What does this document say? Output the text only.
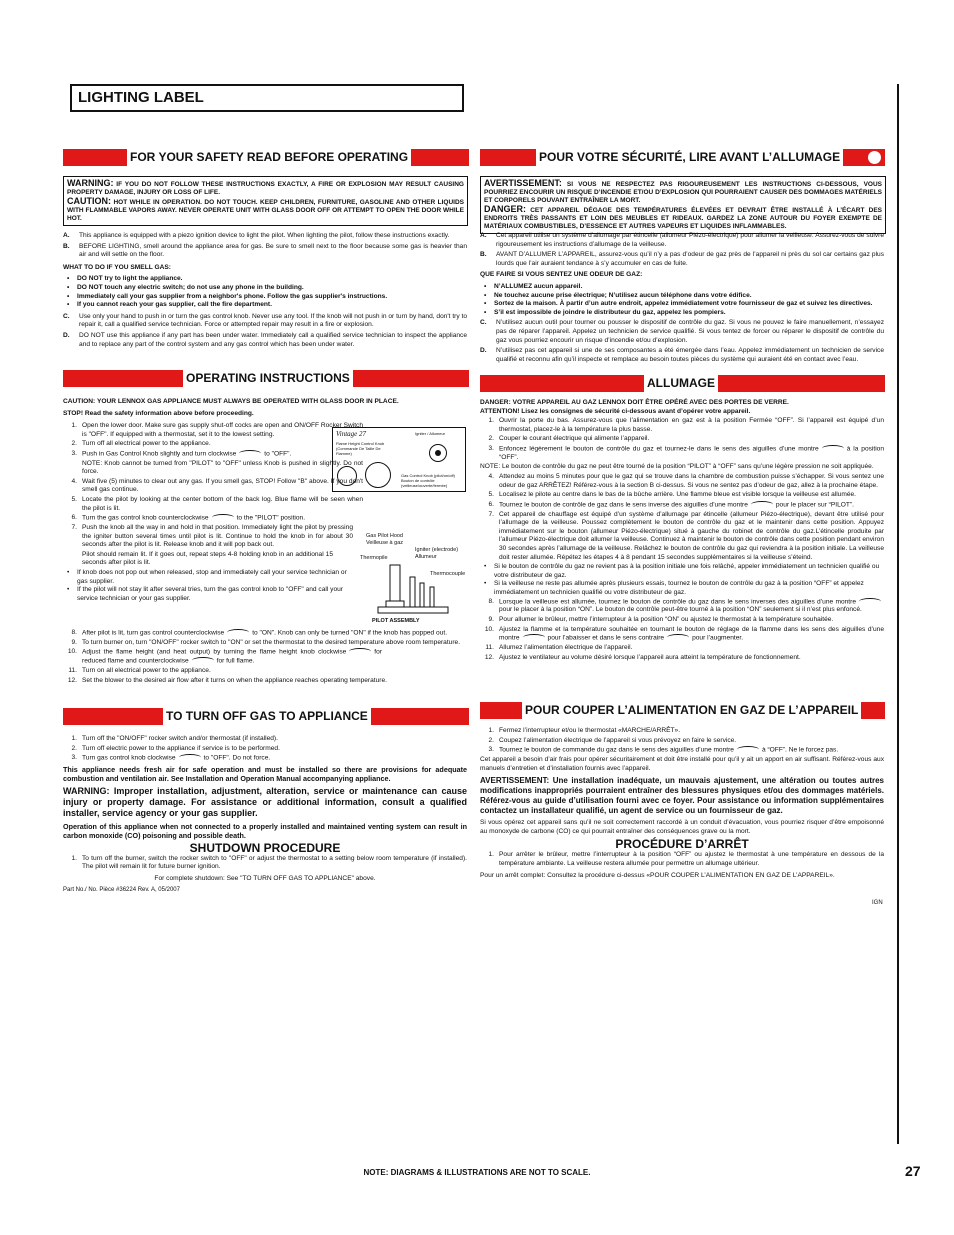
LIGHTING LABEL
FOR YOUR SAFETY READ BEFORE OPERATING
WARNING: IF YOU DO NOT FOLLOW THESE INSTRUCTIONS EXACTLY, A FIRE OR EXPLOSION MAY RESULT CAUSING PROPERTY DAMAGE, INJURY OR LOSS OF LIFE.
CAUTION: HOT WHILE IN OPERATION. DO NOT TOUCH. KEEP CHILDREN, FURNITURE, GASOLINE AND OTHER LIQUIDS WITH FLAMMABLE VAPORS AWAY. NEVER OPERATE UNIT WITH GLASS DOOR OFF OR ATTEMPT TO OPEN THE DOOR WHILE HOT.
A.	This appliance is equipped with a piezo ignition device to light the pilot. When lighting the pilot, follow these instructions exactly.
B.	BEFORE LIGHTING, smell around the appliance area for gas. Be sure to smell next to the floor because some gas is heavier than air and will settle on the floor.

WHAT TO DO IF YOU SMELL GAS:

• DO NOT try to light the appliance.
• DO NOT touch any electric switch; do not use any phone in the building.
• Immediately call your gas supplier from a neighbor's phone. Follow the gas supplier's instructions.
• If you cannot reach your gas supplier, call the fire department.
C.	Use only your hand to push in or turn the gas control knob. Never use any tool. If the knob will not push in or turn by hand, don't try to repair it, call a qualified service technician. Force or attempted repair may result in a fire or explosion.
D.	DO NOT use this appliance if any part has been under water. Immediately call a qualified service technician to inspect the appliance and to replace any part of the control system and any gas control which has been under water.
OPERATING INSTRUCTIONS

CAUTION: YOUR LENNOX GAS APPLIANCE MUST ALWAYS BE OPERATED WITH GLASS DOOR IN PLACE.

STOP! Read the safety information above before proceeding.

1. Open the lower door. Make sure gas supply shut-off cocks are open and ON/OFF Rocker Switch is "OFF". If equipped with a thermostat, set it to the lowest setting.
2. Turn off all electrical power to the appliance.
3. Push in Gas Control Knob slightly and turn clockwise	to "OFF".
NOTE: Knob cannot be turned from "PILOT" to "OFF" unless Knob is pushed in slightly. Do not force.
4. Wait five (5) minutes to clear out any gas. If you smell gas, STOP! Follow "B" above. If you don't smell gas continue.
5. Locate the pilot by looking at the center bottom of the back log. Blue flame will be seen when the pilot is lit.
6. Turn the gas control knob counterclockwise	to the "PILOT" position.
7. Push the knob all the way in and hold in that position. Immediately light the pilot by pressing the igniter button several times until pilot is lit. Continue to hold the knob in for about 30 seconds after the pilot is lit. Release knob and it will pop back out.
Pilot should remain lit. If it goes out, repeat steps 4-8 holding knob in an additional 15 seconds after pilot is lit.
• If knob does not pop out when released, stop and immediately call your service technician or gas supplier.
• If the pilot will not stay lit after several tries, turn the gas control knob to "OFF" and call your service technician or your gas supplier.
Vintage 27
Flame Height Control Knob (Commande De Taille De Flamme)
Igniter / Allumeur
Gas Control Knob (pilot/on/off) Bouton de contrôle (veilleuse/ouverte/fermée)
Gas Pilot Hood
Veilleuse à gaz
Igniter (electrode)
Allumeur
Thermopile
Thermocouple
PILOT ASSEMBLY
8. After pilot is lit, turn gas control counterclockwise	to "ON". Knob can only be turned "ON" if the knob has popped out.
9. To turn burner on, turn "ON/OFF" rocker switch to "ON" or set the thermostat to the desired temperature above room temperature.
10. Adjust the flame height (and heat output) by turning the flame height knob clockwise	for reduced flame and counterclockwise	for full flame.
11. Turn on all electrical power to the appliance.
12. Set the blower to the desired air flow after it turns on when the appliance reaches operating temperature.
TO TURN OFF GAS TO APPLIANCE
1. Turn off the "ON/OFF" rocker switch and/or thermostat (if installed).
2. Turn off electric power to the appliance if service is to be performed.
3. Turn gas control knob clockwise	to "OFF". Do not force.

This appliance needs fresh air for safe operation and must be installed so there are provisions for adequate combustion and ventilation air. See Installation and Operation Manual accompanying appliance.

WARNING: Improper installation, adjustment, alteration, service or maintenance can cause injury or property damage. For assistance or additional information, consult a qualified installer, service agency or your gas supplier.

Operation of this appliance when not connected to a properly installed and maintained venting system can result in carbon monoxide (CO) poisoning and possible death.

SHUTDOWN PROCEDURE
1. To turn off the burner, switch the rocker switch to "OFF" or adjust the thermostat to a setting below room temperature (if installed). The pilot will remain lit for future burner ignition.

For complete shutdown: See "TO TURN OFF GAS TO APPLIANCE" above.

Part No./ No. Pièce #36224 Rev. A, 05/2007

POUR VOTRE SÉCURITÉ, LIRE AVANT L’ALLUMAGE
AVERTISSEMENT: SI VOUS NE RESPECTEZ PAS RIGOUREUSEMENT LES INSTRUCTIONS CI-DESSOUS, VOUS POURRIEZ ENCOURIR UN RISQUE D’INCENDIE ET/OU D’EXPLOSION QUI POURRAIENT CAUSER DES DOMMAGES MATÉRIELS ET CORPORELS POUVANT ENTRAÎNER LA MORT.
DANGER: CET APPAREIL DÉGAGE DES TEMPÉRATURES ÉLEVÉES ET DEVRAIT ÊTRE INSTALLÉ À L’ÉCART DES ENDROITS TRÈS PASSANTS ET LOIN DES MEUBLES ET RIDEAUX. GARDEZ LA ZONE AUTOUR DU FOYER EXEMPTE DE MATÉRIAUX COMBUSTIBLES, D’ESSENCE ET AUTRES VAPEURS ET LIQUIDES INFLAMMABLES.
A.	Cet appareil utilise un système d’allumage par étincelle (allumeur Piézo-électrique) pour allumer la veilleuse. Assurez-vous de suivre rigoureusement les instructions d’allumage de la veilleuse.
B.	AVANT D’ALLUMER L’APPAREIL, assurez-vous qu’il n’y a pas d’odeur de gaz près de l’appareil ni près du sol car certains gaz plus lourds que l’air auraient tendance à s’y accumuler en cas de fuite.

QUE FAIRE SI VOUS SENTEZ UNE ODEUR DE GAZ:

• N’ALLUMEZ aucun appareil.
• Ne touchez aucune prise électrique; N’utilisez aucun téléphone dans votre édifice.
• Sortez de la maison. À partir d’un autre endroit, appelez immédiatement votre fournisseur de gaz et suivez les directives.
• S’il est impossible de joindre le distributeur du gaz, appelez les pompiers.
C.	N’utilisez aucun outil pour tourner ou pousser le dispositif de contrôle du gaz. Si vous ne pouvez le faire manuellement, n’essayez pas de réparer l’appareil. Appelez un technicien de service qualifié. Si vous tentez de forcer ou réparer le dispositif de contrôle du gaz vous pourriez encourir un risque d’incendie et/ou d’explosion.
D.	N’utilisez pas cet appareil si une de ses composantes a été émergée dans l’eau. Appelez immédiatement un technicien de service qualifié et reconnu afin qu’il inspecte et remplace au besoin toutes pièces du système qui auraient été en contact avec l’eau.
ALLUMAGE

DANGER: VOTRE APPAREIL AU GAZ LENNOX DOIT ÊTRE OPÉRÉ AVEC DES PORTES DE VERRE.

ATTENTION! Lisez les consignes de sécurité ci-dessous avant d’opérer votre appareil.

1. Ouvrir la porte du bas. Assurez-vous que l’alimentation en gaz est à la position Fermée “OFF”. Si l’appareil est équipé d’un thermostat, placez-le à la température la plus basse.
2. Couper le courant électrique qui alimente l’appareil.
3. Enfoncez légèrement le bouton de contrôle du gaz et tournez-le dans le sens des aiguilles d’une montre	à la position “OFF”.

NOTE: Le bouton de contrôle du gaz ne peut être tourné de la position “PILOT” à “OFF” sans qu’une légère pression ne soit appliquée.

4. Attendez au moins 5 minutes pour que le gaz qui se trouve dans la chambre de combustion puisse s’échapper. Si vous sentez une odeur de gaz ARRÊTEZ! Référez-vous à la section B ci-dessus. Si vous ne sentez pas d’odeur de gaz, allez à la prochaine étape.
5. Localisez le pilote au centre dans le bas de la bûche arrière. Une flamme bleue est visible lorsque la veilleuse est allumée.
6. Tournez le bouton de contrôle de gaz dans le sens inverse des aiguilles d’une montre	pour le placer sur “PILOT”.
7. Cet appareil de chauffage est équipé d’un système d’allumage par étincelle (allumeur Piézo-électrique), devant être utilisé pour l’allumage de la veilleuse. Poussez complètement le bouton de contrôle du gaz et le maintenir dans cette position. Appuyez immédiatement sur le bouton (allumeur Piézo-électrique) situé à gauche du robinet de contrôle du gaz.L’étincelle produite par l’allumeur Piézo-électrique doit allumer la veilleuse. Continuez à maintenir le bouton de contrôle dans cette position pendant environ 30 secondes après l’allumage de la veilleuse. Relâchez le bouton de contrôle du gaz qui reviendra à la position initiale. La veilleuse doit rester allumée. Répétez les étapes 4 à 8 pendant 15 secondes supplémentaires si la veilleuse s’éteind.
• Si le bouton de contrôle du gaz ne revient pas à la position initiale une fois relâché, appeler immédiatement un technicien qualifié ou votre distributeur de gaz.
• Si la veilleuse ne reste pas allumée après plusieurs essais, tournez le bouton de contrôle du gaz à la position “OFF” et appelez immédiatement un technicien qualifié ou votre distributeur de gaz.
8. Lorsque la veilleuse est allumée, tournez le bouton de contrôle du gaz dans le sens inverses des aiguilles d’une montrepour le placer à la position “ON”. Le bouton de contrôle peut-être tourné à la position “ON” seulement si il n’est plus enfoncé.
9. Pour allumer le brûleur, mettre l’interrupteur à la position “ON” ou ajustez le thermostat à la température souhaitée.
10. Ajustez la flamme et la température souhaitée en tournant le bouton de réglage de la flamme dans les sens des aiguilles d’une montre	pour l’abaisser et dans le sens contraire	pour l’augmenter.
11. Allumez l’alimentation électrique de l’appareil.
12. Ajustez le ventilateur au volume désiré lorsque l’appareil aura atteint la température de fonctionnement.
POUR COUPER L’ALIMENTATION EN GAZ DE L’APPAREIL
1. Fermez l’interrupteur et/ou le thermostat «MARCHE/ARRÊT».
2. Coupez l’alimentation électrique de l’appareil si vous prévoyez en faire le service.
3. Tournez le bouton de commande du gaz dans le sens des aiguilles d’une montre	à “OFF”. Ne le forcez pas.

Cet appareil a besoin d’air frais pour opérer sécuritairement et doit être installé pour qu’il y ait un apport en air suffisant. Référez-vous aux manuels d’entretien et d’installation fournis avec l’appareil.

AVERTISSEMENT: Une installation inadéquate, un mauvais ajustement, une altération ou toutes autres modifications inappropriés pourraient entraîner des blessures physiques et/ou des dommages matériels. Référez-vous au guide d’utilisation fourni avec ce foyer. Pour assistance ou information supplémentaires contactez un installateur qualifié, un agent de service ou un fournisseur de gaz.

Si vous opérez cet appareil sans qu’il ne soit correctement raccordé à un conduit d’évacuation, vous pourriez risquer d’être empoisonné au monoxyde de carbone (CO) ce qui pourrait entraîner des conséquences grave ou la mort.

PROCÉDURE D’ARRÊT
1. Pour arrêter le brûleur, mettre l’interrupteur à la position “OFF” ou ajustez le thermostat à une température en dessous de la température ambiante. La veilleuse restera allumée pour permettre un allumage ultérieur.

Pour un arrêt complet: Consultez la procédure ci-dessus «POUR COUPER L’ALIMENTATION EN GAZ DE L’APPAREIL».

IGN
NOTE: DIAGRAMS & ILLUSTRATIONS ARE NOT TO SCALE.	27
